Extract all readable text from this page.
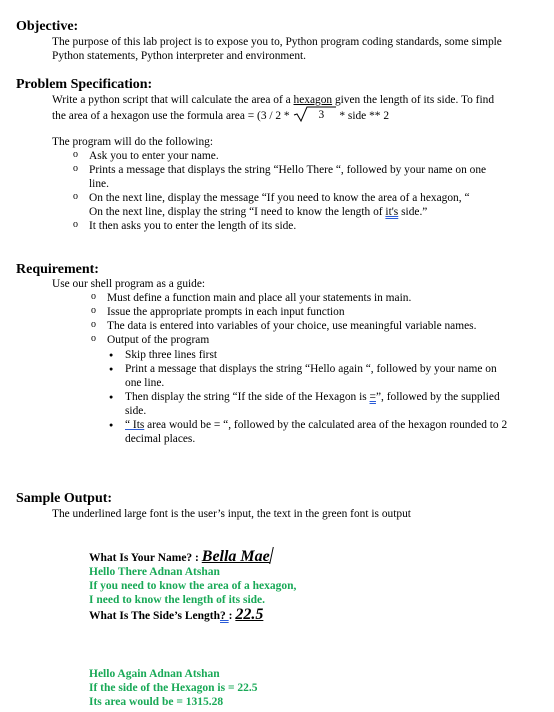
Objective:

The purpose of this lab project is to expose you to, Python program coding standards, some simple

Python statements, Python interpreter and environment.

Problem Specification:

Write a python script that will calculate the area of a hexagon given the length of its side. To find

the area of a hexagon use the formula area = (3 / 2 *	3 * side ** 2

The program will do the following:

o Ask you to enter your name.
o Prints a message that displays the string “Hello There “, followed by your name on one
line.
o On the next line, display the message “If you need to know the area of a hexagon, “
On the next line, display the string “I need to know the length of it's side.”
o It then asks you to enter the length of its side.
Requirement:

Use our shell program as a guide:

o Must define a function main and place all your statements in main.
o Issue the appropriate prompts in each input function
o The data is entered into variables of your choice, use meaningful variable names.
o Output of the program
● Skip three lines first
● Print a message that displays the string “Hello again “, followed by your name on
one line.
● Then display the string “If the side of the Hexagon is =”, followed by the supplied
side.
● “ Its area would be = “, followed by the calculated area of the hexagon rounded to 2
decimal places.
Sample Output:

The underlined large font is the user’s input, the text in the green font is output

What Is Your Name? : Bella Mae

Hello There Adnan Atshan

If you need to know the area of a hexagon,

I need to know the length of its side.

What Is The Side’s Length? : 22.5

Hello Again Adnan Atshan

If the side of the Hexagon is = 22.5

Its area would be = 1315.28
